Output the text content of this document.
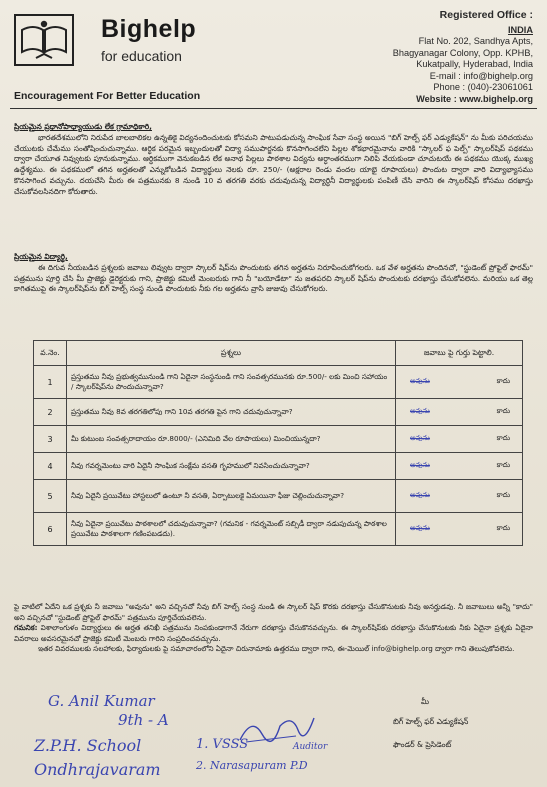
Bighelp
for education
Encouragement For Better Education
Registered Office :
INDIA
Flat No. 202, Sandhya Apts,
Bhagyanagar Colony, Opp. KPHB,
Kukatpally, Hyderabad, India
E-mail : info@bighelp.org
Phone : (040)-23061061
Website : www.bighelp.org
ప్రియమైన ప్రధానోపాధ్యాయుడు లేక గ్రామాధికారి,
భారతదేశములోని నిరుపేద బాలబాలికల ఉన్నతికై విద్యనందించుటకు కోసమని పాటుపడుచున్న సాంఘిక సేవా సంస్థ అయిన "బిగ్ హెల్ప్ ఫర్ ఎడ్యుకేషన్" ను మీకు పరిచయము చేయుటకు చేమేము సంతోషించుచున్నాము. ఆర్థిక పరమైన ఇబ్బందులతో విద్యా సముపార్జనకు కొనసాగించలేని పిల్లల శోకభారమైనాను వారికి "స్కాలర్ ఫ పెల్ప్" స్కాలర్‌షిప్ పథకము ద్వారా చేయూత నివ్వుటకు పూనుకున్నాము. ఆర్థికముగా వెనుకబడిన లేక అనాథ పిల్లలు పాఠశాల విద్యను అర్ధాంతరముగా నిలిపి వేయకుండా చూచుటయే ఈ పథకము యొక్క ముఖ్య ఉద్దేశ్యము. ఈ పథకములో తగిన అర్హతలతో ఎన్నుకోబడిన విద్యార్థులు నెలకు రూ. 250/- (అక్షరాల రెండు వందల యాభై రూపాయలు) పొందుట ద్వారా వారి విద్యాభ్యాసము కొనసాగించ వచ్చును. దయచేసి మీరు ఈ పత్రమునకు 8 నుండి 10 వ తరగతి వరకు చదువుచున్న విద్యార్థినీ విద్యార్థులకు పంపిణీ చేసి వారిని ఈ స్కాలర్‌షిప్ కోసము దరఖాస్తు చేసుకోవలసినదిగా కోరుతారు.
ప్రియమైన విద్యార్థి,
ఈ దిగువ నీయబడిన ప్రశ్నలకు జవాబు లివ్వుట ద్వారా స్కాలర్ షిప్‌ను పొందుటకు తగిన అర్హతను నిరూపించుకోగలరు. ఒక వేళ అర్హతను పొందినచో, "స్టుడెంట్ ప్రోఫైల్ ఫారమ్" పత్రమును పూర్తి చేసి మీ ప్రాజెక్టు డైరెక్టరుకు గాని, ప్రాజెక్టు కమిటీ మెంబరుకు గాని నీ "బయోడేటా" ను జతపరచి స్కాలర్ షిప్‌ను పొందుటకు దరఖాస్తు చేసుకోవలెను. మరియు ఒక తెల్ల కాగితముపై ఈ స్కాలర్‌షిప్‌ను బిగ్ హెల్ప్ సంస్థ నుండి పొందుటకు నీకు గల అర్హతను వ్రాసి జుజువు చేసుకోగలరు.
వ.నెం.	ప్రశ్నలు	జవాబు పై గుర్తు పెట్టాలి.
1	ప్రస్తుతము నీవు ప్రభుత్వమునుండి గాని ఏదైనా సంస్థనుండి గాని సంవత్సరమునకు రూ.500/- లకు మించి సహాయం / స్కాలర్‌షిప్‌ను పొందుచున్నావా?	అవును కాదు

2	ప్రస్తుతము నీవు 8వ తరగతిలోపు గాని 10వ తరగతి పైన గాని చదువుచున్నావా?	అవును కాదు

3	మీ కుటుంబ సంవత్సరాదాయం రూ.8000/- (ఎనిమిది వేల రూపాయలు) మించియున్నదా?	అవును కాదు

4	నీవు గవర్నమెంటు వారి ఏదైనీ సాంఘిక సంక్షేమ వసతి గృహములో నివసించుచున్నావా?	అవును కాదు

5	నీవు ఏదైనీ ప్రయివేటు హాస్టలులో ఉంటూ నీ వసతి, ఏర్పాటులకై ఏమయినా ఫీజు చెల్లించుచున్నావా?	అవును కాదు

6	నీవు ఏదైనా ప్రయివేటు పాఠశాలలో చదువుచున్నావా? (గమనిక - గవర్నమెంట్ సబ్సిడీ ద్వారా నడుపుచున్న పాఠశాల ప్రయివేటు పాఠశాలగా గణింపబడదు).	అవును కాదు
పై వాటిలో ఏదేని ఒక ప్రశ్నకు నీ జవాబు "అవును" అని వచ్చినచో నీవు బిగ్ హెల్ప్ సంస్థ నుండి ఈ స్కాలర్ షిప్ కొరకు దరఖాస్తు చేసుకొనుటకు నీవు అనర్హుడవు. నీ జవాబులు అన్నీ "కాదు" అని వచ్చినచో "స్టుడెంట్ ప్రోఫైల్ ఫారమ్" పత్రమును పూర్తిచేయవలెను.
గమనిక: విశాలాంగుళం విద్యార్థులు ఈ అర్హత తనిఖీ పత్రమును నింపకుండాగానే నేరుగా దరఖాస్తు చేసుకొనవచ్చును. ఈ స్కాలర్‌షిప్‌కు దరఖాస్తు చేసుకొనుటకు నీకు ఏదైనా ప్రశ్నకు ఏదైనా వివరాలు అవసరమైనచో ప్రాజెక్టు కమిటీ మెంబరు గారిని సంప్రదించవచ్చును.
ఇతర వివరములకు సలహాలకు, ఫిర్యాదులకు పై సమాచారంలోని ఏదైనా చిరునామాకు ఉత్తరము ద్వారా గాని, ఈ-మెయిల్ info@bighelp.org ద్వారా గాని తెలుపుకోవలెను.
మీ
బిగ్ హెల్ప్ ఫర్ ఎడ్యుకేషన్
ఫౌండర్ & ప్రెసిడెంట్
G. Anil Kumar
9th - A
Z.P.H. School
Ondhrajavaram
1. VSSS
2. Narasapuram P.D
Auditor
